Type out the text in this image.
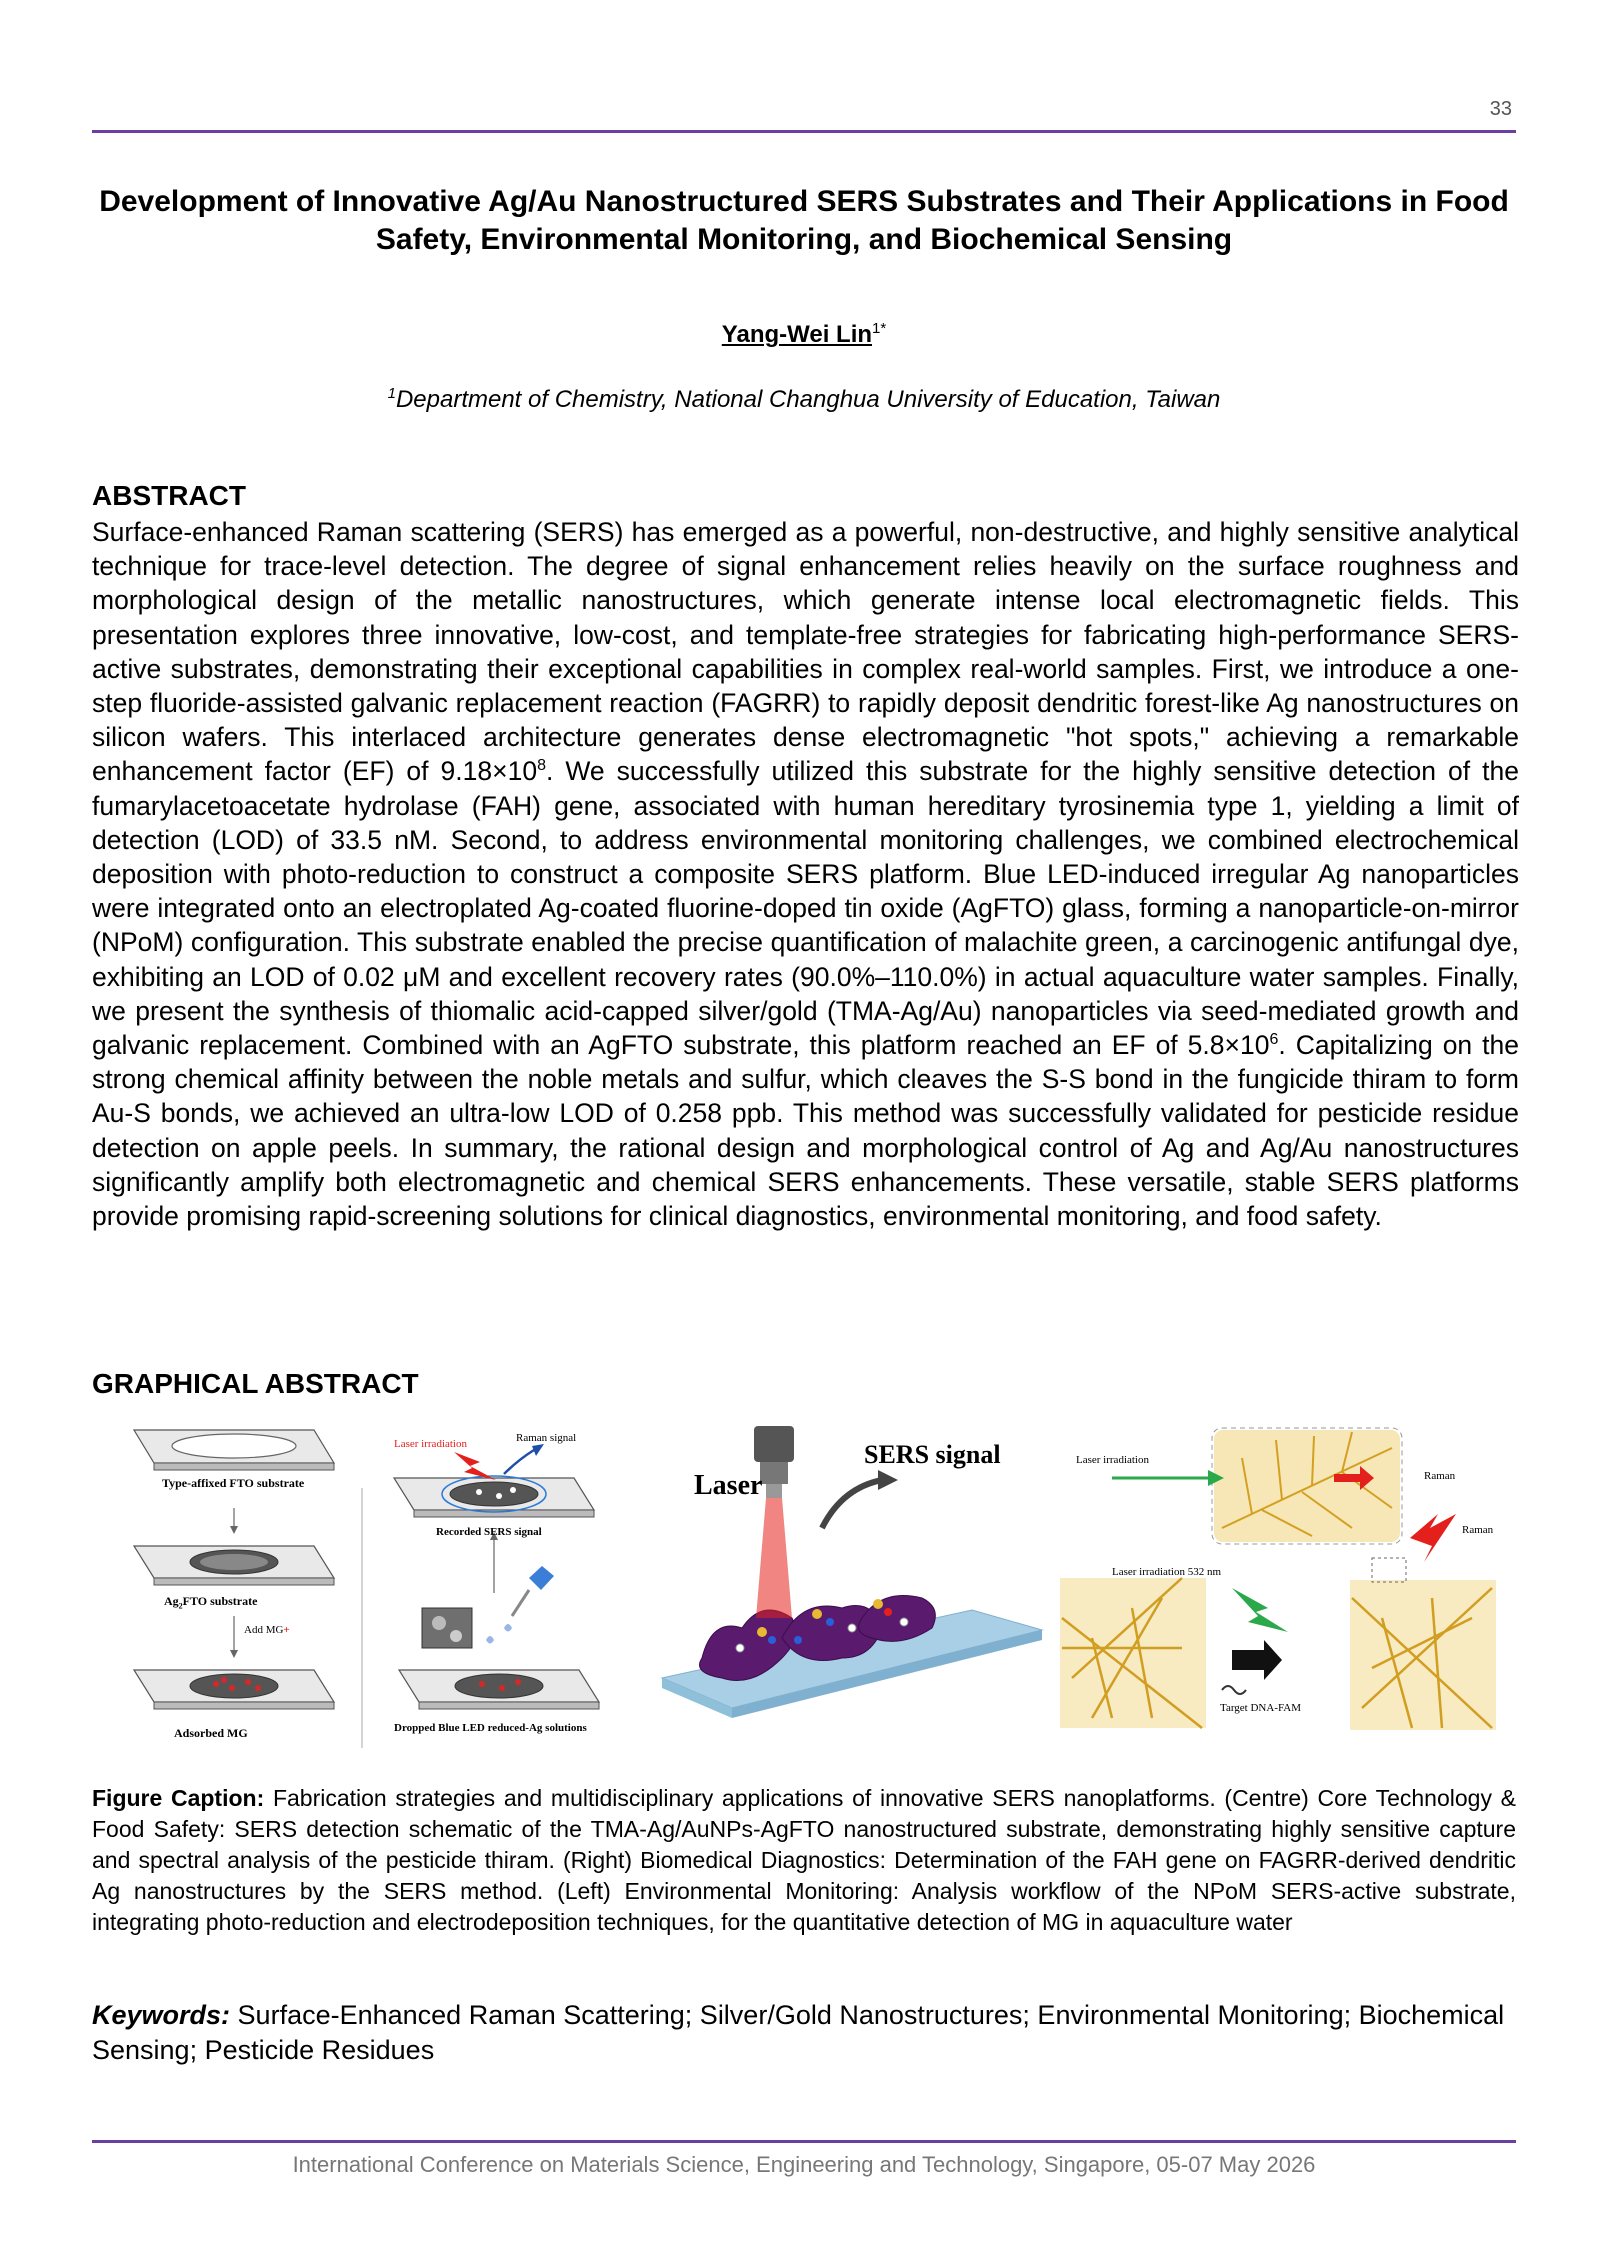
33
Development of Innovative Ag/Au Nanostructured SERS Substrates and Their Applications in Food Safety, Environmental Monitoring, and Biochemical Sensing
Yang-Wei Lin$^{1*}$
$^1$Department of Chemistry, National Changhua University of Education, Taiwan
ABSTRACT

Surface-enhanced Raman scattering (SERS) has emerged as a powerful, non-destructive, and highly sensitive analytical technique for trace-level detection. The degree of signal enhancement relies heavily on the surface roughness and morphological design of the metallic nanostructures, which generate intense local electromagnetic fields. This presentation explores three innovative, low-cost, and template-free strategies for fabricating high-performance SERS-active substrates, demonstrating their exceptional capabilities in complex real-world samples. First, we introduce a one-step fluoride-assisted galvanic replacement reaction (FAGRR) to rapidly deposit dendritic forest-like Ag nanostructures on silicon wafers. This interlaced architecture generates dense electromagnetic "hot spots," achieving a remarkable enhancement factor (EF) of $9.18\times 10^8$. We successfully utilized this substrate for the highly sensitive detection of the fumarylacetoacetate hydrolase (FAH) gene, associated with human hereditary tyrosinemia type 1, yielding a limit of detection (LOD) of 33.5 nM. Second, to address environmental monitoring challenges, we combined electrochemical deposition with photo-reduction to construct a composite SERS platform. Blue LED-induced irregular Ag nanoparticles were integrated onto an electroplated Ag-coated fluorine-doped tin oxide (AgFTO) glass, forming a nanoparticle-on-mirror (NPoM) configuration. This substrate enabled the precise quantification of malachite green, a carcinogenic antifungal dye, exhibiting an LOD of 0.02 μM and excellent recovery rates (90.0%–110.0%) in actual aquaculture water samples. Finally, we present the synthesis of thiomalic acid-capped silver/gold (TMA-Ag/Au) nanoparticles via seed-mediated growth and galvanic replacement. Combined with an AgFTO substrate, this platform reached an EF of $5.8\times 10^6$. Capitalizing on the strong chemical affinity between the noble metals and sulfur, which cleaves the S-S bond in the fungicide thiram to form Au-S bonds, we achieved an ultra-low LOD of 0.258 ppb. This method was successfully validated for pesticide residue detection on apple peels. In summary, the rational design and morphological control of Ag and Ag/Au nanostructures significantly amplify both electromagnetic and chemical SERS enhancements. These versatile, stable SERS platforms provide promising rapid-screening solutions for clinical diagnostics, environmental monitoring, and food safety.

GRAPHICAL ABSTRACT
Type-affixed FTO substrate
$Ag_2FTO$ substrate
Add MG+
Adsorbed MG
Laser irradiation	Raman signal
Recorded SERS signal
Dropped Blue LED reduced-Ag solutions
Laser
SERS signal	Laser irradiation
Raman
Raman
Laser irradiation 532 nm
Target DNA-FAM

Figure Caption: Fabrication strategies and multidisciplinary applications of innovative SERS nanoplatforms. (Centre) Core Technology & Food Safety: SERS detection schematic of the TMA-Ag/AuNPs-AgFTO nanostructured substrate, demonstrating highly sensitive capture and spectral analysis of the pesticide thiram. (Right) Biomedical Diagnostics: Determination of the FAH gene on FAGRR-derived dendritic Ag nanostructures by the SERS method. (Left) Environmental Monitoring: Analysis workflow of the NPoM SERS-active substrate, integrating photo-reduction and electrodeposition techniques, for the quantitative detection of MG in aquaculture water

Keywords: Surface-Enhanced Raman Scattering; Silver/Gold Nanostructures; Environmental Monitoring; Biochemical Sensing; Pesticide Residues

International Conference on Materials Science, Engineering and Technology, Singapore, 05-07 May 2026
